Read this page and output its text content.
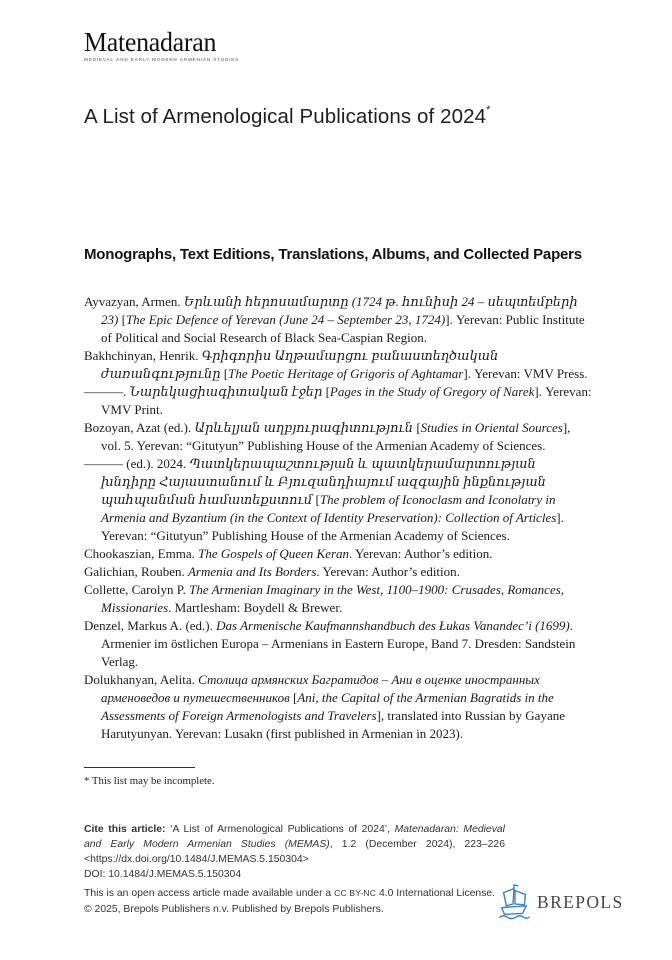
Matenadaran
MEDIEVAL AND EARLY MODERN ARMENIAN STUDIES
A List of Armenological Publications of 2024*
Monographs, Text Editions, Translations, Albums, and Collected Papers
Ayvazyan, Armen. Երևանի հերոսամարտը (1724 թ. հունիսի 24 – սեպտեմբերի 23) [The Epic Defence of Yerevan (June 24 – September 23, 1724)]. Yerevan: Public Institute of Political and Social Research of Black Sea-Caspian Region.
Bakhchinyan, Henrik. Գրիգորիս Աղթամարցու բանաստեղծական ժառանգությունը [The Poetic Heritage of Grigoris of Aghtamar]. Yerevan: VMV Press.
———. Նարեկացիագիտական էջեր [Pages in the Study of Gregory of Narek]. Yerevan: VMV Print.
Bozoyan, Azat (ed.). Արևելյան աղբյուրագիտություն [Studies in Oriental Sources], vol. 5. Yerevan: “Gitutyun” Publishing House of the Armenian Academy of Sciences.
——— (ed.). 2024. Պատկերապաշտության և պատկերամարտության խնդիրը Հայաստանում և Բյուզանդիայում ազգային ինքնության պահպանման համատեքստում [The problem of Iconoclasm and Iconolatry in Armenia and Byzantium (in the Context of Identity Preservation): Collection of Articles]. Yerevan: “Gitutyun” Publishing House of the Armenian Academy of Sciences.
Chookaszian, Emma. The Gospels of Queen Keran. Yerevan: Author’s edition.
Galichian, Rouben. Armenia and Its Borders. Yerevan: Author’s edition.
Collette, Carolyn P. The Armenian Imaginary in the West, 1100–1900: Crusades, Romances, Missionaries. Martlesham: Boydell & Brewer.
Denzel, Markus A. (ed.). Das Armenische Kaufmannshandbuch des Łukas Vanandec’i (1699). Armenier im östlichen Europa – Armenians in Eastern Europe, Band 7. Dresden: Sandstein Verlag.
Dolukhanyan, Aelita. Столица армянских Багратидов – Ани в оценке иностранных арменоведов и путешественников [Ani, the Capital of the Armenian Bagratids in the Assessments of Foreign Armenologists and Travelers], translated into Russian by Gayane Harutyunyan. Yerevan: Lusakn (first published in Armenian in 2023).
* This list may be incomplete.
Cite this article: ‘A List of Armenological Publications of 2024’, Matenadaran: Medieval and Early Modern Armenian Studies (MEMAS), 1.2 (December 2024), 223–226 <https://dx.doi.org/10.1484/J.MEMAS.5.150304>
DOI: 10.1484/J.MEMAS.5.150304
This is an open access article made available under a CC BY-NC 4.0 International License.
© 2025, Brepols Publishers n.v. Published by Brepols Publishers.	BREPOLS
